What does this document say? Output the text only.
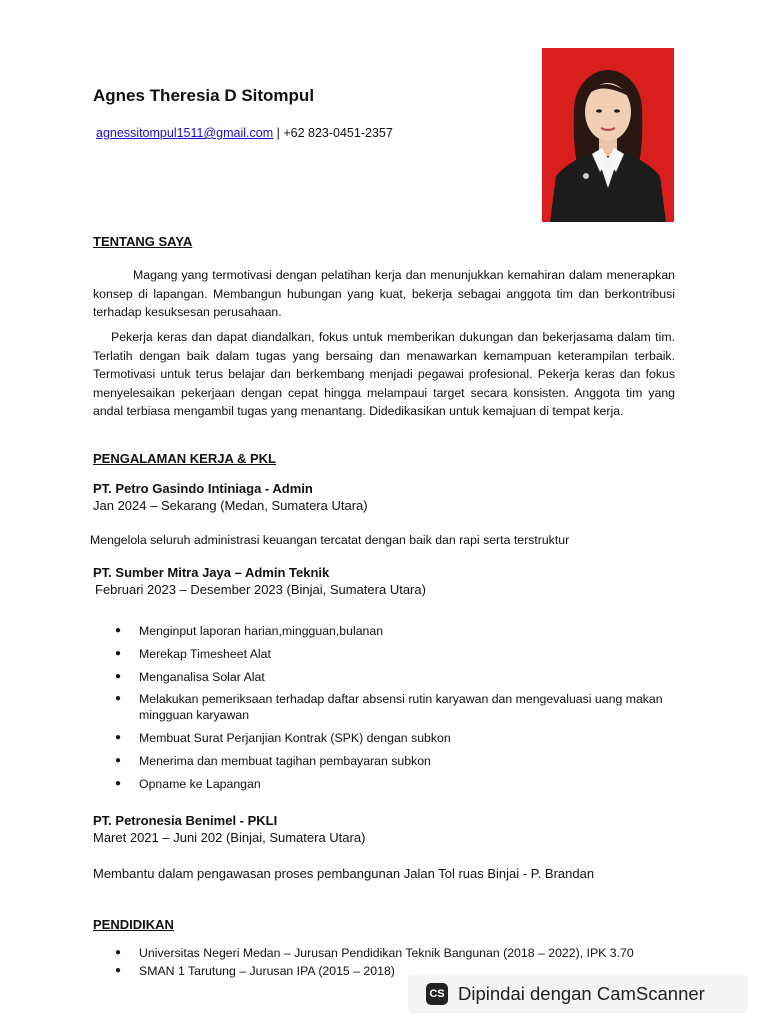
Agnes Theresia D Sitompul
agnessitompul1511@gmail.com | +62 823-0451-2357
TENTANG SAYA
Magang yang termotivasi dengan pelatihan kerja dan menunjukkan kemahiran dalam menerapkan konsep di lapangan. Membangun hubungan yang kuat, bekerja sebagai anggota tim dan berkontribusi terhadap kesuksesan perusahaan.
Pekerja keras dan dapat diandalkan, fokus untuk memberikan dukungan dan bekerjasama dalam tim. Terlatih dengan baik dalam tugas yang bersaing dan menawarkan kemampuan keterampilan terbaik. Termotivasi untuk terus belajar dan berkembang menjadi pegawai profesional. Pekerja keras dan fokus menyelesaikan pekerjaan dengan cepat hingga melampaui target secara konsisten. Anggota tim yang andal terbiasa mengambil tugas yang menantang. Didedikasikan untuk kemajuan di tempat kerja.
PENGALAMAN KERJA & PKL
PT. Petro Gasindo Intiniaga - Admin
Jan 2024 – Sekarang (Medan, Sumatera Utara)
Mengelola seluruh administrasi keuangan tercatat dengan baik dan rapi serta terstruktur
PT. Sumber Mitra Jaya – Admin Teknik
Februari 2023 – Desember 2023 (Binjai, Sumatera Utara)
● Menginput laporan harian,mingguan,bulanan
● Merekap Timesheet Alat
● Menganalisa Solar Alat
● Melakukan pemeriksaan terhadap daftar absensi rutin karyawan dan mengevaluasi uang makan mingguan karyawan
● Membuat Surat Perjanjian Kontrak (SPK) dengan subkon
● Menerima dan membuat tagihan pembayaran subkon
● Opname ke Lapangan
PT. Petronesia Benimel - PKLI
Maret 2021 – Juni 202 (Binjai, Sumatera Utara)
Membantu dalam pengawasan proses pembangunan Jalan Tol ruas Binjai - P. Brandan
PENDIDIKAN
● Universitas Negeri Medan – Jurusan Pendidikan Teknik Bangunan (2018 – 2022), IPK 3.70
● SMAN 1 Tarutung – Jurusan IPA (2015 – 2018)
CS Dipindai dengan CamScanner
